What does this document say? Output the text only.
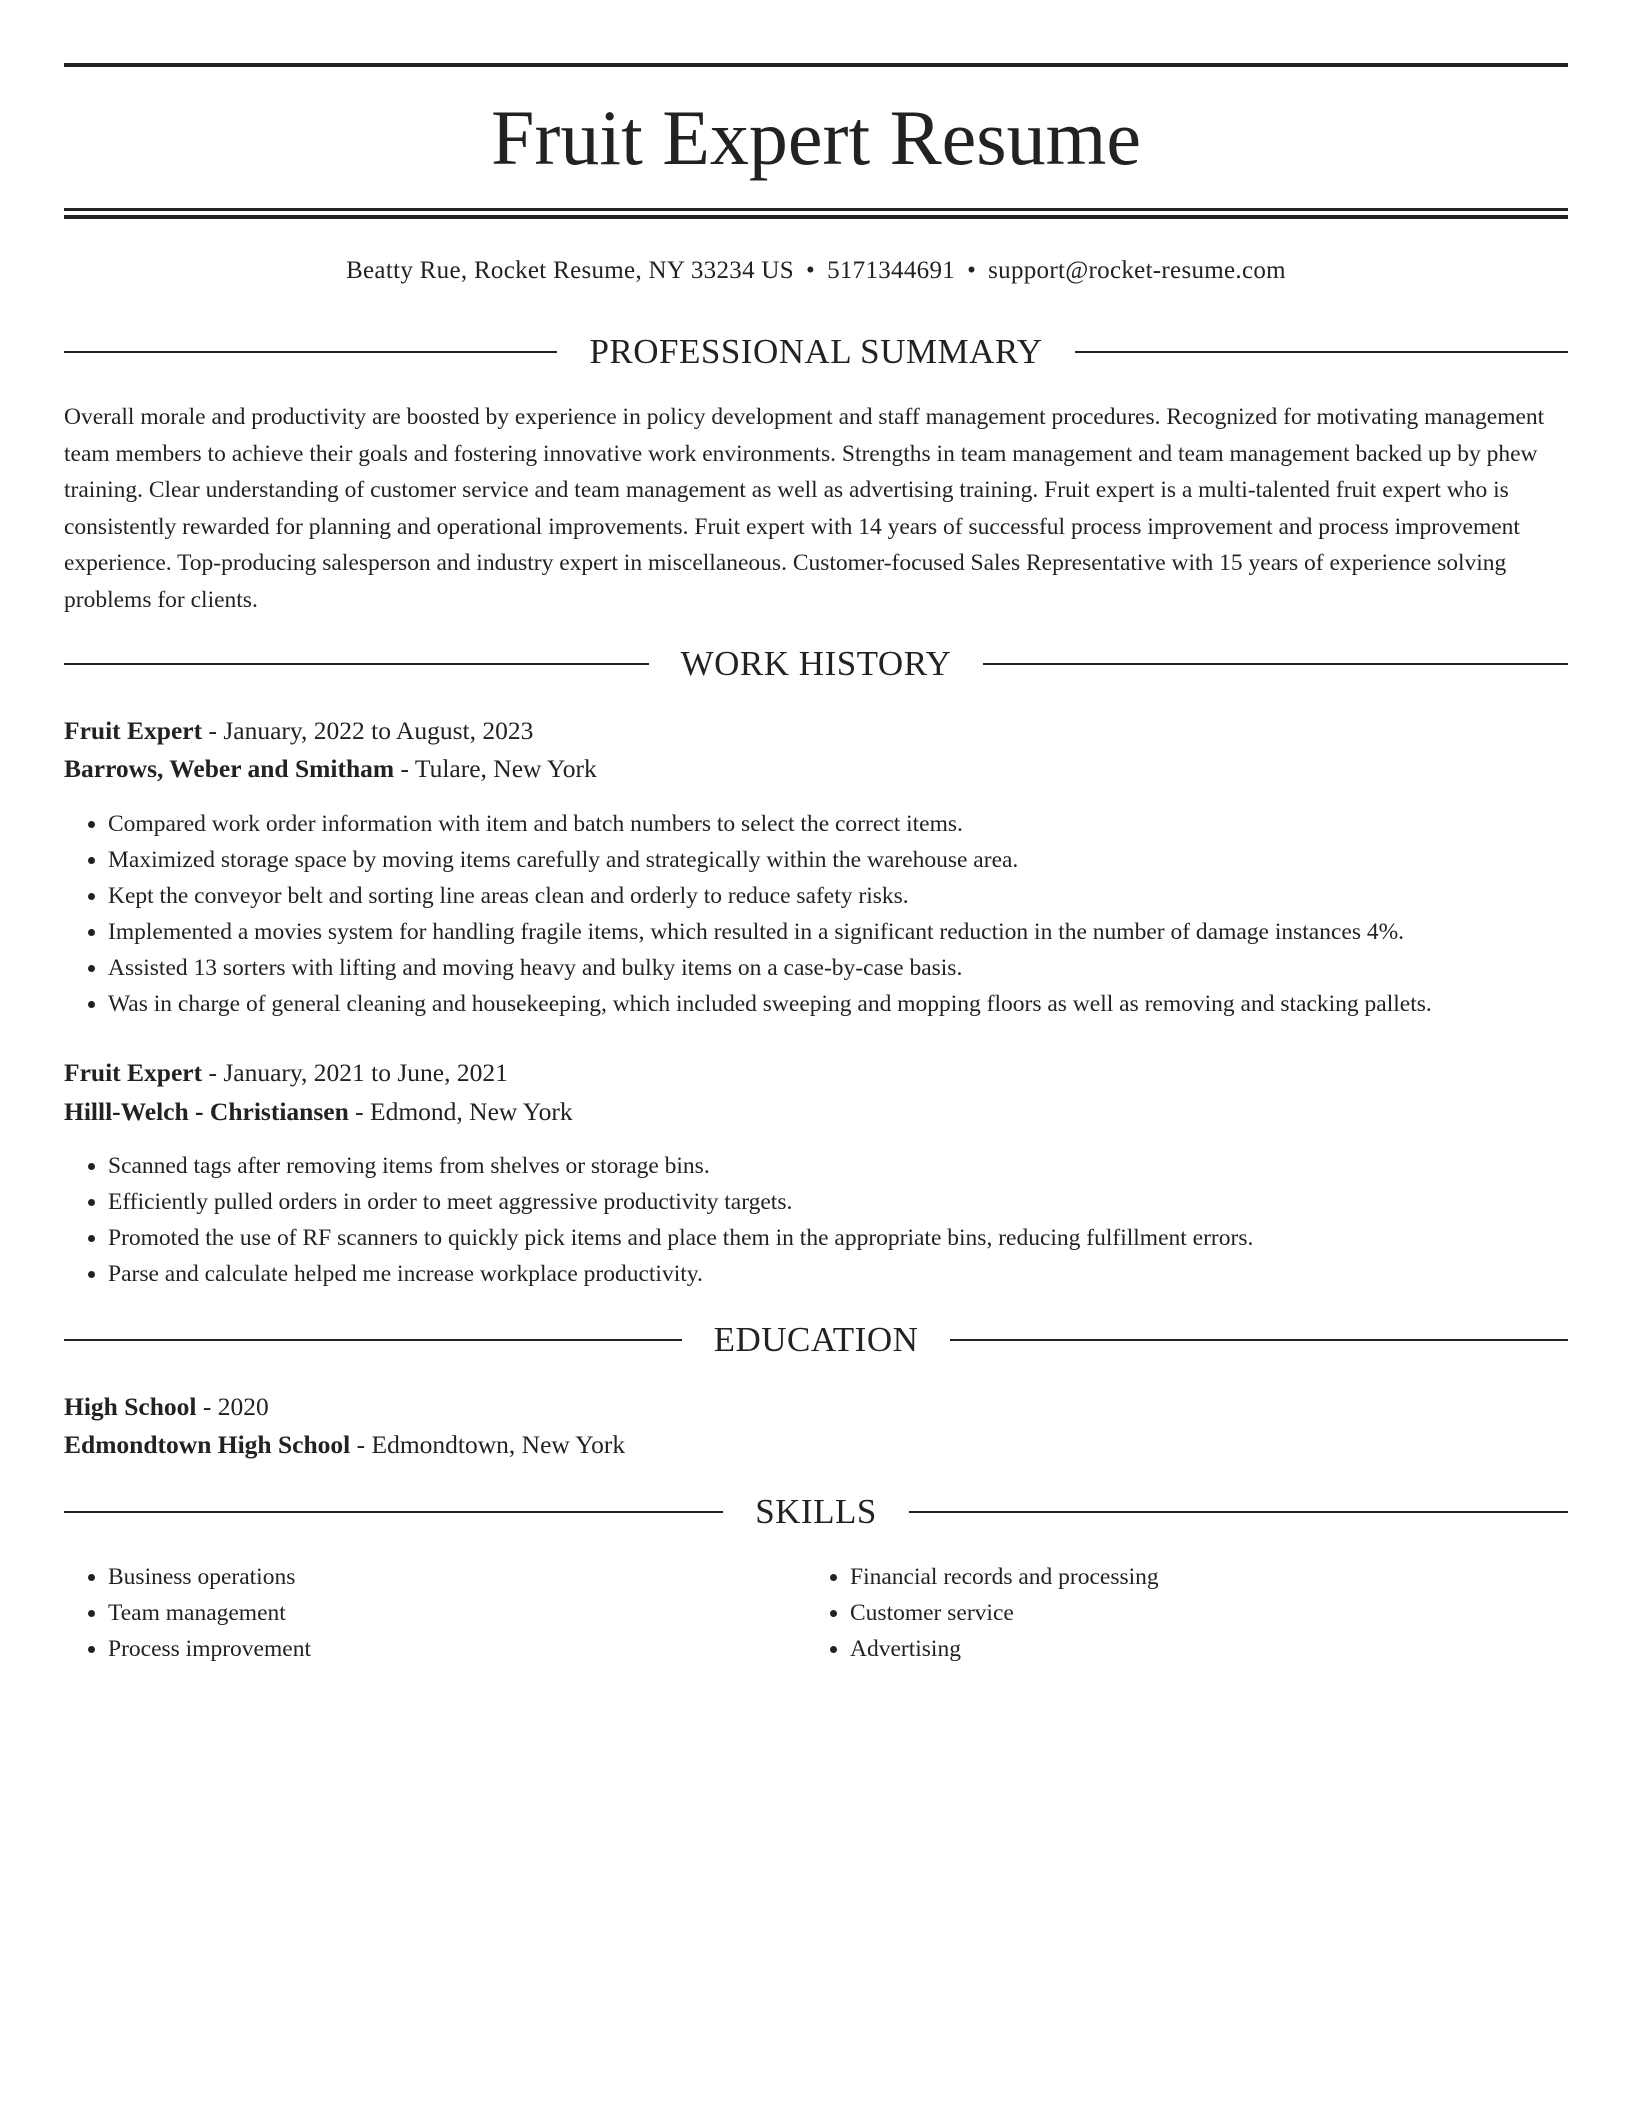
Fruit Expert Resume
Beatty Rue, Rocket Resume, NY 33234 US • 5171344691 • support@rocket-resume.com
PROFESSIONAL SUMMARY

Overall morale and productivity are boosted by experience in policy development and staff management procedures. Recognized for motivating management team members to achieve their goals and fostering innovative work environments. Strengths in team management and team management backed up by phew training. Clear understanding of customer service and team management as well as advertising training. Fruit expert is a multi-talented fruit expert who is consistently rewarded for planning and operational improvements. Fruit expert with 14 years of successful process improvement and process improvement experience. Top-producing salesperson and industry expert in miscellaneous. Customer-focused Sales Representative with 15 years of experience solving problems for clients.

WORK HISTORY
Fruit Expert - January, 2022 to August, 2023
Barrows, Weber and Smitham - Tulare, New York
• Compared work order information with item and batch numbers to select the correct items.
• Maximized storage space by moving items carefully and strategically within the warehouse area.
• Kept the conveyor belt and sorting line areas clean and orderly to reduce safety risks.
• Implemented a movies system for handling fragile items, which resulted in a significant reduction in the number of damage instances 4%.
• Assisted 13 sorters with lifting and moving heavy and bulky items on a case-by-case basis.
• Was in charge of general cleaning and housekeeping, which included sweeping and mopping floors as well as removing and stacking pallets.
Fruit Expert - January, 2021 to June, 2021
Hilll-Welch - Christiansen - Edmond, New York
• Scanned tags after removing items from shelves or storage bins.
• Efficiently pulled orders in order to meet aggressive productivity targets.
• Promoted the use of RF scanners to quickly pick items and place them in the appropriate bins, reducing fulfillment errors.
• Parse and calculate helped me increase workplace productivity.
EDUCATION
High School - 2020
Edmondtown High School - Edmondtown, New York
SKILLS
• Business operations
• Team management
• Process improvement
• Financial records and processing
• Customer service
• Advertising
